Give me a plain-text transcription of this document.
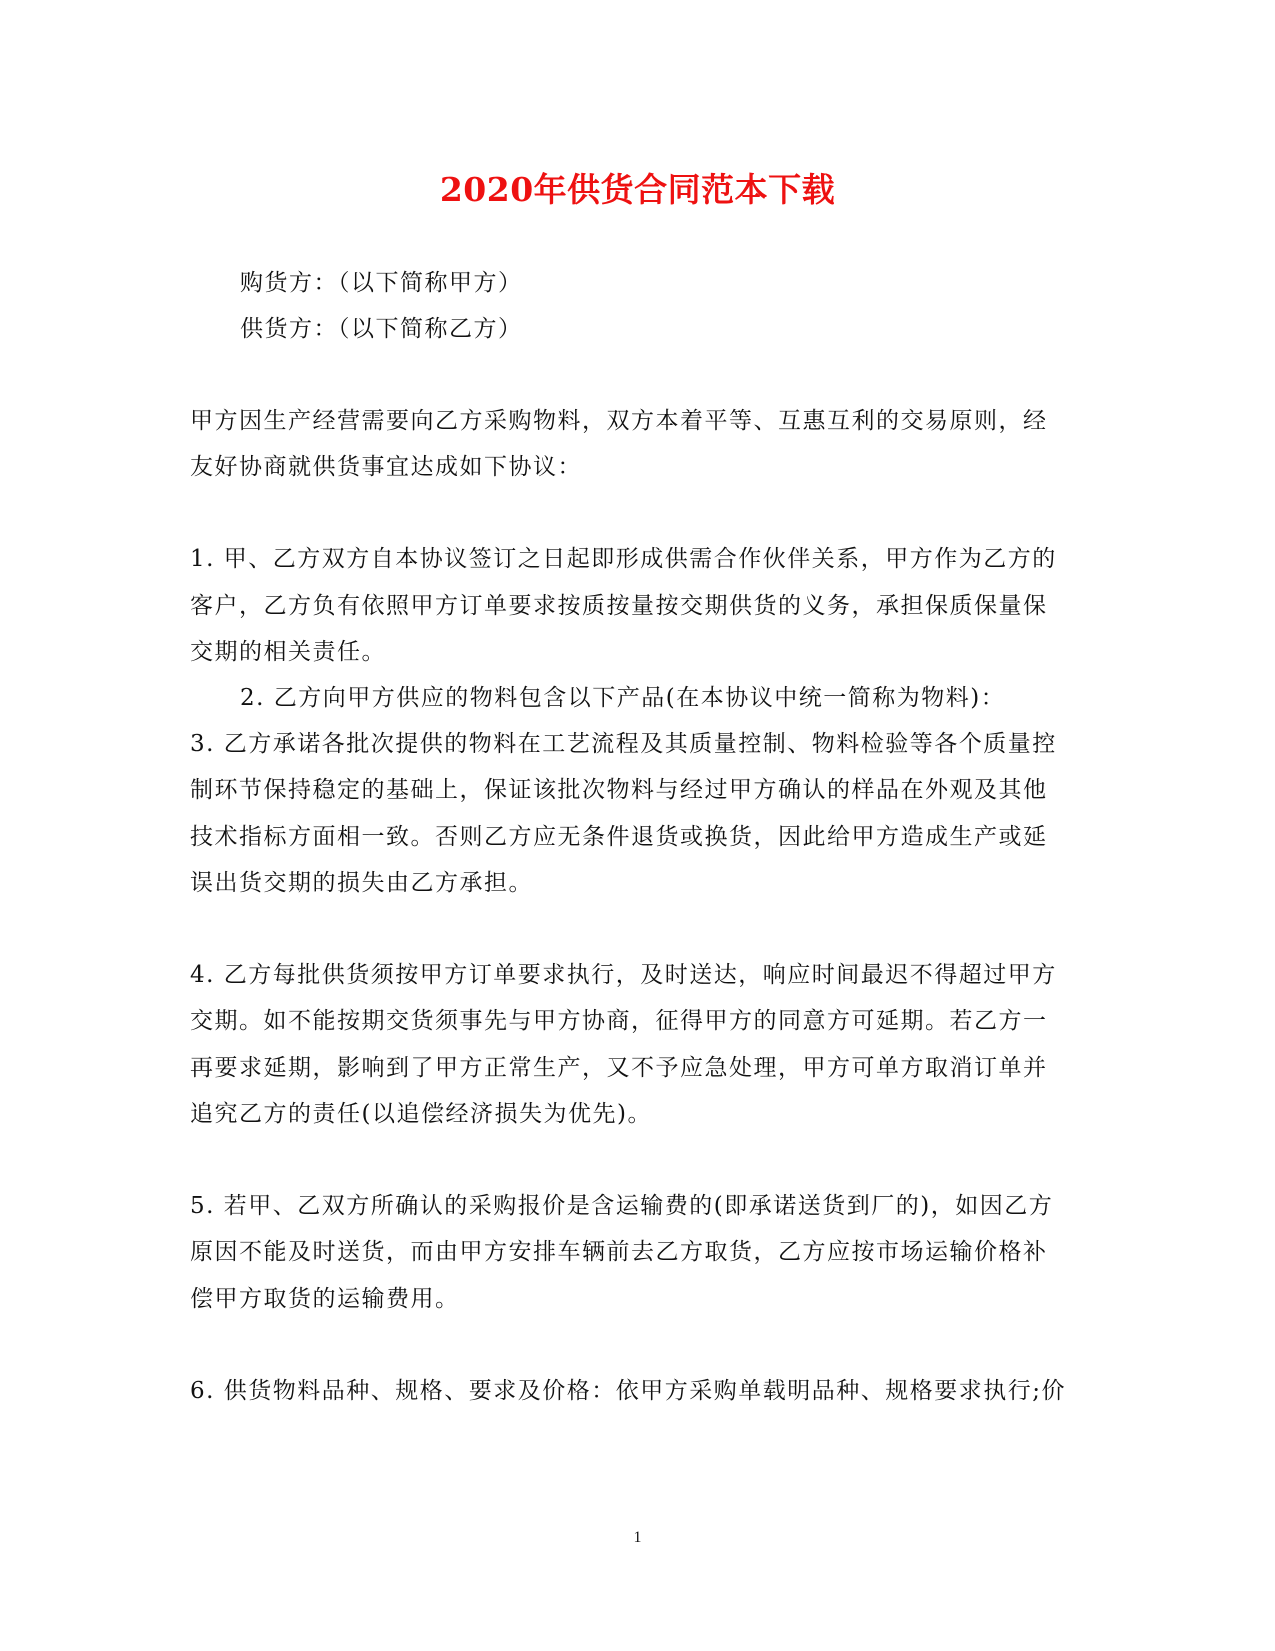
2020年供货合同范本下载
购货方：（以下简称甲方）
供货方：（以下简称乙方）
甲方因生产经营需要向乙方采购物料，双方本着平等、互惠互利的交易原则，经
友好协商就供货事宜达成如下协议：
1. 甲、乙方双方自本协议签订之日起即形成供需合作伙伴关系，甲方作为乙方的
客户，乙方负有依照甲方订单要求按质按量按交期供货的义务，承担保质保量保
交期的相关责任。
2. 乙方向甲方供应的物料包含以下产品(在本协议中统一简称为物料)：
3. 乙方承诺各批次提供的物料在工艺流程及其质量控制、物料检验等各个质量控
制环节保持稳定的基础上，保证该批次物料与经过甲方确认的样品在外观及其他
技术指标方面相一致。否则乙方应无条件退货或换货，因此给甲方造成生产或延
误出货交期的损失由乙方承担。
4. 乙方每批供货须按甲方订单要求执行，及时送达，响应时间最迟不得超过甲方
交期。如不能按期交货须事先与甲方协商，征得甲方的同意方可延期。若乙方一
再要求延期，影响到了甲方正常生产，又不予应急处理，甲方可单方取消订单并
追究乙方的责任(以追偿经济损失为优先)。
5. 若甲、乙双方所确认的采购报价是含运输费的(即承诺送货到厂的)，如因乙方
原因不能及时送货，而由甲方安排车辆前去乙方取货，乙方应按市场运输价格补
偿甲方取货的运输费用。
6. 供货物料品种、规格、要求及价格：依甲方采购单载明品种、规格要求执行;价
1
